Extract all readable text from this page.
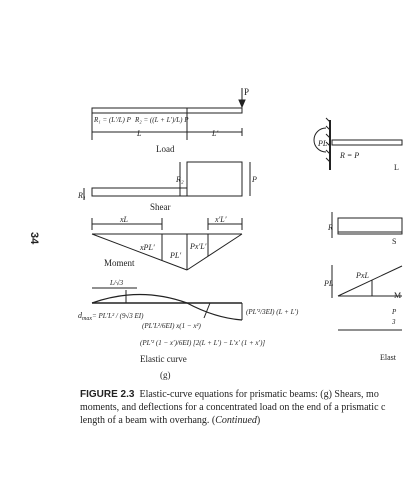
34
P
R₁ = (L′/L) P R₂ = ((L + L′)/L) P
L	L′
Load
R₂	P
R₁
Shear
xL	x′L′
xPL′
PL′
Px′L′
Moment
L/√3
$d_{max}= PL'L^2 / (9√3$ EI)
(PL′L²/6EI) x(1 − x²)
(PL′²/3EI) (L + L′)
(PL′² (1 − x′)/6EI) [2(L + L′) − L′x′ (1 + x′)]
Elastic curve
(g)
PL
R = P
L
R
S
PL
PxL
M
P
3
Elast
FIGURE 2.3 Elastic-curve equations for prismatic beams: (g) Shears, mo
moments, and deflections for a concentrated load on the end of a prismatic c
length of a beam with overhang. (Continued)
